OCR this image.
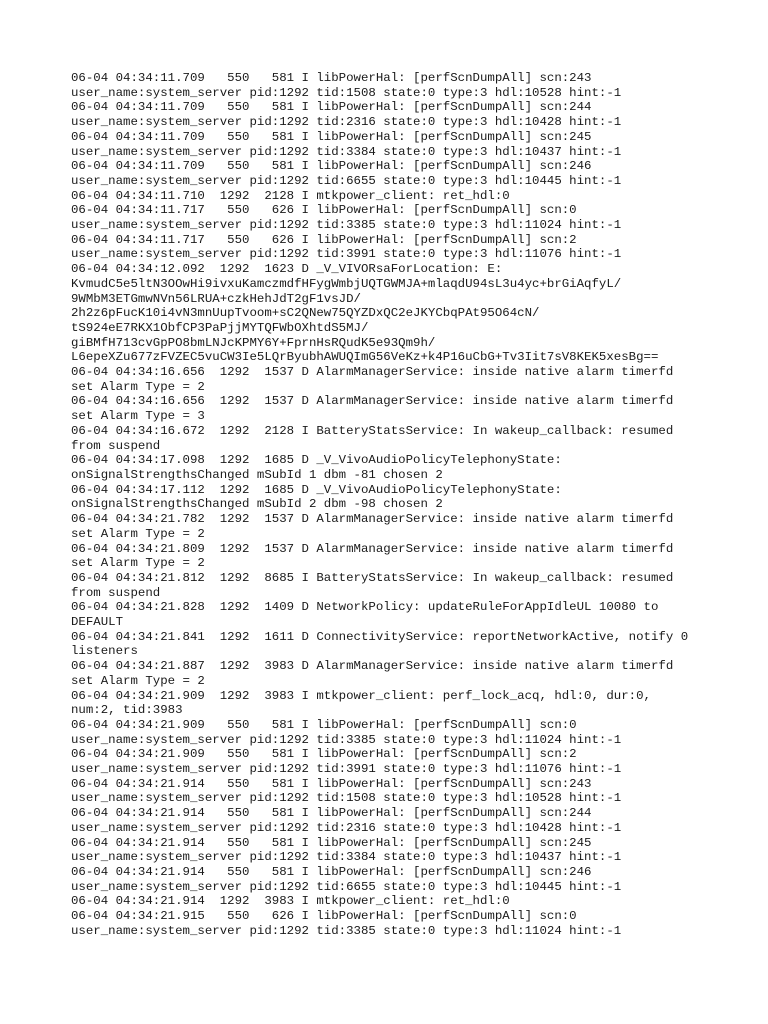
06-04 04:34:11.709   550   581 I libPowerHal: [perfScnDumpAll] scn:243
user_name:system_server pid:1292 tid:1508 state:0 type:3 hdl:10528 hint:-1
06-04 04:34:11.709   550   581 I libPowerHal: [perfScnDumpAll] scn:244
user_name:system_server pid:1292 tid:2316 state:0 type:3 hdl:10428 hint:-1
06-04 04:34:11.709   550   581 I libPowerHal: [perfScnDumpAll] scn:245
user_name:system_server pid:1292 tid:3384 state:0 type:3 hdl:10437 hint:-1
06-04 04:34:11.709   550   581 I libPowerHal: [perfScnDumpAll] scn:246
user_name:system_server pid:1292 tid:6655 state:0 type:3 hdl:10445 hint:-1
06-04 04:34:11.710  1292  2128 I mtkpower_client: ret_hdl:0
06-04 04:34:11.717   550   626 I libPowerHal: [perfScnDumpAll] scn:0
user_name:system_server pid:1292 tid:3385 state:0 type:3 hdl:11024 hint:-1
06-04 04:34:11.717   550   626 I libPowerHal: [perfScnDumpAll] scn:2
user_name:system_server pid:1292 tid:3991 state:0 type:3 hdl:11076 hint:-1
06-04 04:34:12.092  1292  1623 D _V_VIVORsaForLocation: E:
KvmudC5e5ltN3OOwHi9ivxuKamczmdfHFygWmbjUQTGWMJA+mlaqdU94sL3u4yc+brGiAqfyL/
9WMbM3ETGmwNVn56LRUA+czkHehJdT2gF1vsJD/
2h2z6pFucK10i4vN3mnUupTvoom+sC2QNew75QYZDxQC2eJKYCbqPAt95O64cN/
tS924eE7RKX1ObfCP3PaPjjMYTQFWbOXhtdS5MJ/
giBMfH713cvGpPO8bmLNJcKPMY6Y+FprnHsRQudK5e93Qm9h/
L6epeXZu677zFVZEC5vuCW3Ie5LQrByubhAWUQImG56VeKz+k4P16uCbG+Tv3Iit7sV8KEK5xesBg==
06-04 04:34:16.656  1292  1537 D AlarmManagerService: inside native alarm timerfd
set Alarm Type = 2
06-04 04:34:16.656  1292  1537 D AlarmManagerService: inside native alarm timerfd
set Alarm Type = 3
06-04 04:34:16.672  1292  2128 I BatteryStatsService: In wakeup_callback: resumed
from suspend
06-04 04:34:17.098  1292  1685 D _V_VivoAudioPolicyTelephonyState:
onSignalStrengthsChanged mSubId 1 dbm -81 chosen 2
06-04 04:34:17.112  1292  1685 D _V_VivoAudioPolicyTelephonyState:
onSignalStrengthsChanged mSubId 2 dbm -98 chosen 2
06-04 04:34:21.782  1292  1537 D AlarmManagerService: inside native alarm timerfd
set Alarm Type = 2
06-04 04:34:21.809  1292  1537 D AlarmManagerService: inside native alarm timerfd
set Alarm Type = 2
06-04 04:34:21.812  1292  8685 I BatteryStatsService: In wakeup_callback: resumed
from suspend
06-04 04:34:21.828  1292  1409 D NetworkPolicy: updateRuleForAppIdleUL 10080 to
DEFAULT
06-04 04:34:21.841  1292  1611 D ConnectivityService: reportNetworkActive, notify 0
listeners
06-04 04:34:21.887  1292  3983 D AlarmManagerService: inside native alarm timerfd
set Alarm Type = 2
06-04 04:34:21.909  1292  3983 I mtkpower_client: perf_lock_acq, hdl:0, dur:0,
num:2, tid:3983
06-04 04:34:21.909   550   581 I libPowerHal: [perfScnDumpAll] scn:0
user_name:system_server pid:1292 tid:3385 state:0 type:3 hdl:11024 hint:-1
06-04 04:34:21.909   550   581 I libPowerHal: [perfScnDumpAll] scn:2
user_name:system_server pid:1292 tid:3991 state:0 type:3 hdl:11076 hint:-1
06-04 04:34:21.914   550   581 I libPowerHal: [perfScnDumpAll] scn:243
user_name:system_server pid:1292 tid:1508 state:0 type:3 hdl:10528 hint:-1
06-04 04:34:21.914   550   581 I libPowerHal: [perfScnDumpAll] scn:244
user_name:system_server pid:1292 tid:2316 state:0 type:3 hdl:10428 hint:-1
06-04 04:34:21.914   550   581 I libPowerHal: [perfScnDumpAll] scn:245
user_name:system_server pid:1292 tid:3384 state:0 type:3 hdl:10437 hint:-1
06-04 04:34:21.914   550   581 I libPowerHal: [perfScnDumpAll] scn:246
user_name:system_server pid:1292 tid:6655 state:0 type:3 hdl:10445 hint:-1
06-04 04:34:21.914  1292  3983 I mtkpower_client: ret_hdl:0
06-04 04:34:21.915   550   626 I libPowerHal: [perfScnDumpAll] scn:0
user_name:system_server pid:1292 tid:3385 state:0 type:3 hdl:11024 hint:-1
